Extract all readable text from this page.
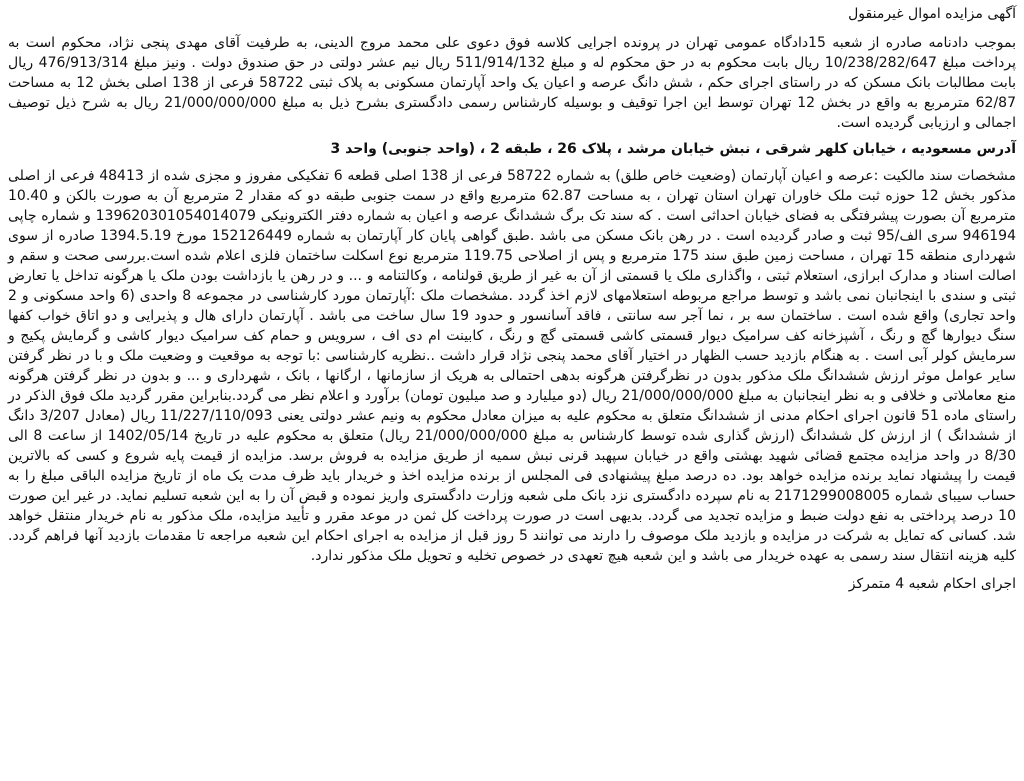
آگهی مزایده اموال غیرمنقول

بموجب دادنامه صادره از شعبه 15دادگاه عمومی تهران در پرونده اجرایی کلاسه فوق دعوی علی محمد مروج الدینی، به طرفیت آقای مهدی پنجی نژاد، محکوم است به پرداخت مبلغ 10/238/282/647 ریال بابت محکوم به در حق محکوم له و مبلغ 511/914/132 ریال نیم عشر دولتی در حق صندوق دولت . ونیز مبلغ 476/913/314 ریال بابت مطالبات بانک مسکن که در راستای اجرای حکم ، شش دانگ عرصه و اعیان یک واحد آپارتمان مسکونی به پلاک ثبتی 58722 فرعی از 138 اصلی بخش 12 به مساحت 62/87 مترمربع به واقع در بخش 12 تهران توسط این اجرا توقیف و بوسیله کارشناس رسمی دادگستری بشرح ذیل به مبلغ 21/000/000/000 ریال به شرح ذیل توصیف اجمالی و ارزیابی گردیده است.

آدرس مسعودیه ، خیابان کلهر شرقی ، نبش خیابان مرشد ، پلاک 26 ، طبقه 2 ، (واحد جنوبی) واحد 3

مشخصات سند مالکیت :عرصه و اعیان آپارتمان (وضعیت خاص طلق) به شماره 58722 فرعی از 138 اصلی قطعه 6 تفکیکی مفروز و مجزی شده از 48413 فرعی از اصلی مذکور بخش 12 حوزه ثبت ملک خاوران تهران استان تهران ، به مساحت 62.87 مترمربع واقع در سمت جنوبی طبقه دو که مقدار 2 مترمربع آن به صورت بالکن و 10.40 مترمربع آن بصورت پیشرفتگی به فضای خیابان احداثی است . که سند تک برگ ششدانگ عرصه و اعیان به شماره دفتر الکترونیکی 139620301054014079 و شماره چاپی 946194 سری الف/95 ثبت و صادر گردیده است . در رهن بانک مسکن می باشد .طبق گواهی پایان کار آپارتمان به شماره 152126449 مورخ 1394.5.19 صادره از سوی شهرداری منطقه 15 تهران ، مساحت زمین طبق سند 175 مترمربع و پس از اصلاحی 119.75 مترمربع نوع اسکلت ساختمان فلزی اعلام شده است.بررسی صحت و سقم و اصالت اسناد و مدارک ابرازی، استعلام ثبتی ، واگذاری ملک یا قسمتی از آن به غیر از طریق قولنامه ، وکالتنامه و ... و در رهن یا بازداشت بودن ملک یا هرگونه تداخل یا تعارض ثبتی و سندی با اینجانبان نمی باشد و توسط مراجع مربوطه استعلامهای لازم اخذ گردد .مشخصات ملک :آپارتمان مورد کارشناسی در مجموعه 8 واحدی (6 واحد مسکونی و 2 واحد تجاری) واقع شده است . ساختمان سه بر ، نما آجر سه سانتی ، فاقد آسانسور و حدود 19 سال ساخت می باشد . آپارتمان دارای هال و پذیرایی و دو اتاق خواب کفها سنگ دیوارها گچ و رنگ ، آشپزخانه کف سرامیک دیوار قسمتی کاشی قسمتی گچ و رنگ ، کابینت ام دی اف ، سرویس و حمام کف سرامیک دیوار کاشی و گرمایش پکیج و سرمایش کولر آبی است . به هنگام بازدید حسب الظهار در اختیار آقای محمد پنجی نژاد قرار داشت ..نظریه کارشناسی :با توجه به موقعیت و وضعیت ملک و با در نظر گرفتن سایر عوامل موثر ارزش ششدانگ ملک مذکور بدون در نظرگرفتن هرگونه بدهی احتمالی به هریک از سازمانها ، ارگانها ، بانک ، شهرداری و ... و بدون در نظر گرفتن هرگونه منع معاملاتی و خلافی و به نظر اینجانبان به مبلغ 21/000/000/000 ریال (دو میلیارد و صد میلیون تومان) برآورد و اعلام نظر می گردد.بنابراین مقرر گردید ملک فوق الذکر در راستای ماده 51 قانون اجرای احکام مدنی از ششدانگ متعلق به محکوم علیه به میزان معادل محکوم به ونیم عشر دولتی یعنی 11/227/110/093 ریال (معادل 3/207 دانگ از ششدانگ ) از ارزش کل ششدانگ (ارزش گذاری شده توسط کارشناس به مبلغ 21/000/000/000 ریال) متعلق به محکوم علیه در تاریخ 1402/05/14 از ساعت 8 الی 8/30 در واحد مزایده مجتمع قضائی شهید بهشتی واقع در خیابان سپهبد قرنی نبش سمیه از طریق مزایده به فروش برسد. مزایده از قیمت پایه شروع و کسی که بالاترین قیمت را پیشنهاد نماید برنده مزایده خواهد بود. ده درصد مبلغ پیشنهادی فی المجلس از برنده مزایده اخذ و خریدار باید ظرف مدت یک ماه از تاریخ مزایده الباقی مبلغ را به حساب سیبای شماره 2171299008005 به نام سپرده دادگستری نزد بانک ملی شعبه وزارت دادگستری واریز نموده و قبض آن را به این شعبه تسلیم نماید. در غیر این صورت 10 درصد پرداختی به نفع دولت ضبط و مزایده تجدید می گردد. بدیهی است در صورت پرداخت کل ثمن در موعد مقرر و تأیید مزایده، ملک مذکور به نام خریدار منتقل خواهد شد. کسانی که تمایل به شرکت در مزایده و بازدید ملک موصوف را دارند می توانند 5 روز قبل از مزایده به اجرای احکام این شعبه مراجعه تا مقدمات بازدید آنها فراهم گردد. کلیه هزینه انتقال سند رسمی به عهده خریدار می باشد و این شعبه هیچ تعهدی در خصوص تخلیه و تحویل ملک مذکور ندارد.

اجرای احکام شعبه 4 متمرکز
